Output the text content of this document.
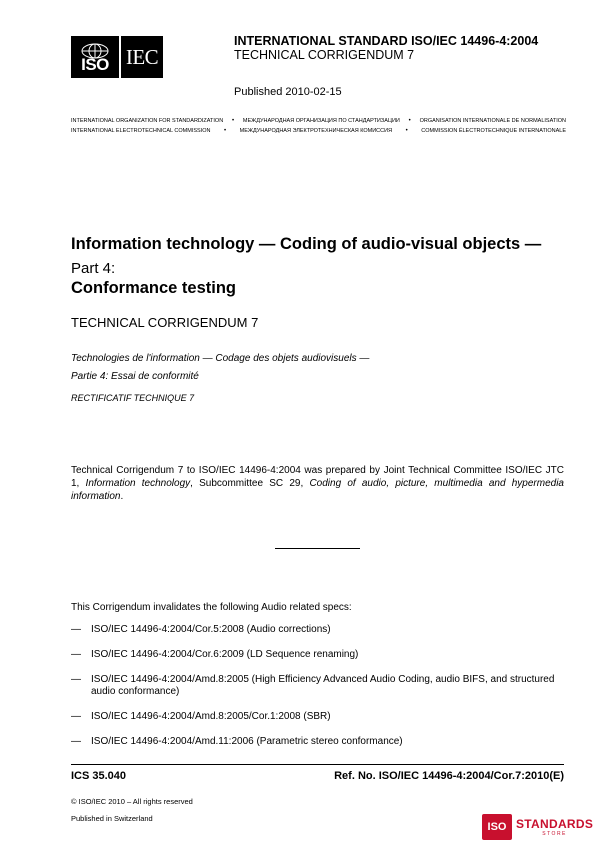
ISO IEC
INTERNATIONAL STANDARD ISO/IEC 14496-4:2004
TECHNICAL CORRIGENDUM 7
Published 2010-02-15
INTERNATIONAL ORGANIZATION FOR STANDARDIZATION • МЕЖДУНАРОДНАЯ ОРГАНИЗАЦИЯ ПО СТАНДАРТИЗАЦИИ • ORGANISATION INTERNATIONALE DE NORMALISATION
INTERNATIONAL ELECTROTECHNICAL COMMISSION • МЕЖДУНАРОДНАЯ ЭЛЕКТРОТЕХНИЧЕСКАЯ КОМИССИЯ • COMMISSION ÉLECTROTECHNIQUE INTERNATIONALE
Information technology — Coding of audio-visual objects —
Part 4:
Conformance testing
TECHNICAL CORRIGENDUM 7
Technologies de l'information — Codage des objets audiovisuels —
Partie 4: Essai de conformité
RECTIFICATIF TECHNIQUE 7

Technical Corrigendum 7 to ISO/IEC 14496-4:2004 was prepared by Joint Technical Committee ISO/IEC JTC 1, Information technology, Subcommittee SC 29, Coding of audio, picture, multimedia and hypermedia information.

This Corrigendum invalidates the following Audio related specs:
—	ISO/IEC 14496-4:2004/Cor.5:2008 (Audio corrections)
—	ISO/IEC 14496-4:2004/Cor.6:2009 (LD Sequence renaming)
—	ISO/IEC 14496-4:2004/Amd.8:2005 (High Efficiency Advanced Audio Coding, audio BIFS, and structured audio conformance)
—	ISO/IEC 14496-4:2004/Amd.8:2005/Cor.1:2008 (SBR)
—	ISO/IEC 14496-4:2004/Amd.11:2006 (Parametric stereo conformance)
ICS 35.040	Ref. No. ISO/IEC 14496-4:2004/Cor.7:2010(E)
© ISO/IEC 2010 – All rights reserved
Published in Switzerland
ISO STANDARDS
STORE
